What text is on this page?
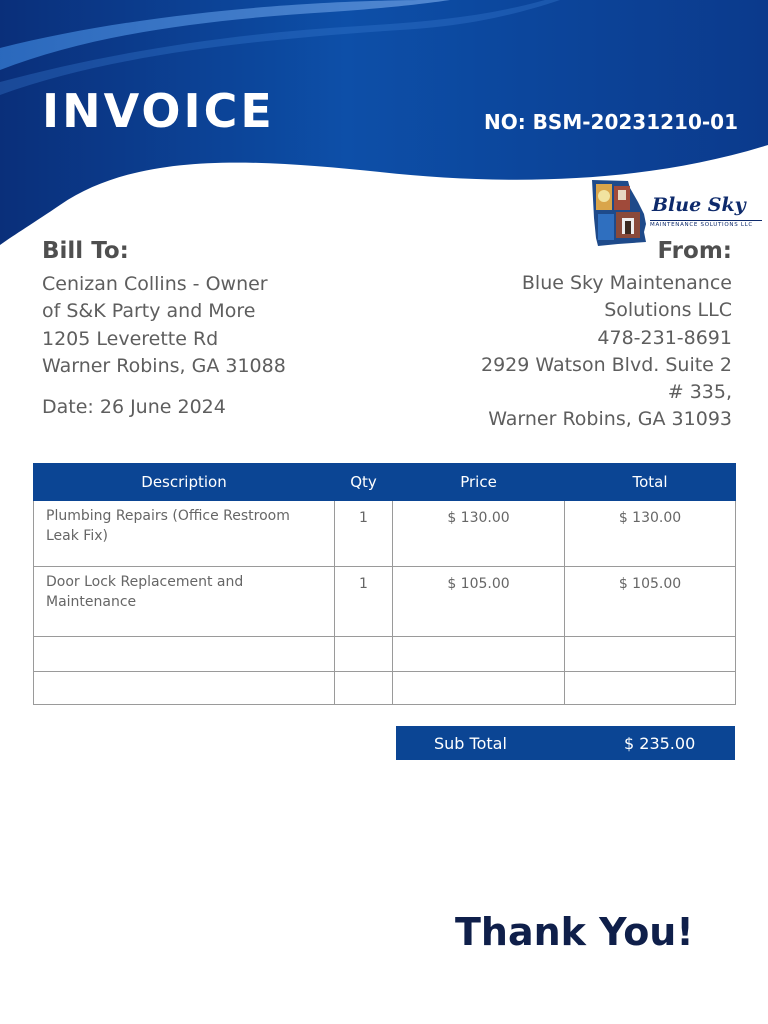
INVOICE	NO: BSM-20231210-01
Blue Sky
MAINTENANCE SOLUTIONS LLC
Bill To:
Cenizan Collins - Owner
of S&K Party and More
1205 Leverette Rd
Warner Robins, GA 31088
Date: 26 June 2024
From:
Blue Sky Maintenance
Solutions LLC
478-231-8691
2929 Watson Blvd. Suite 2
# 335,
Warner Robins, GA 31093
Description	Qty	Price	Total
Plumbing Repairs (Office Restroom Leak Fix)	1	$ 130.00	$ 130.00
Door Lock Replacement and Maintenance	1	$ 105.00	$ 105.00

Sub Total	$ 235.00
Thank You!
